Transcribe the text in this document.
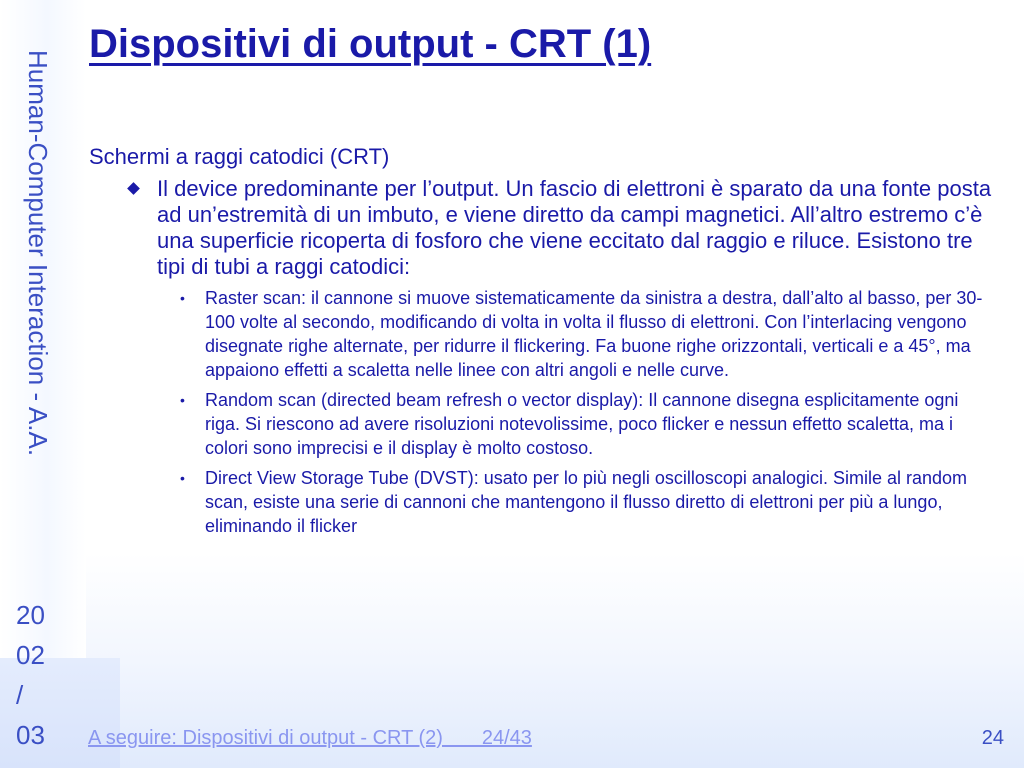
Human-Computer Interaction - A.A.
20
02
/
03
Dispositivi di output - CRT (1)
Schermi a raggi catodici (CRT)
Il device predominante per l’output. Un fascio di elettroni è sparato da una fonte posta ad un’estremità di un imbuto, e viene diretto da campi magnetici. All’altro estremo c’è una superficie ricoperta di fosforo che viene eccitato dal raggio e riluce. Esistono tre tipi di tubi a raggi catodici:
• Raster scan: il cannone si muove sistematicamente da sinistra a destra, dall’alto al basso, per 30-100 volte al secondo, modificando di volta in volta il flusso di elettroni. Con l’interlacing vengono disegnate righe alternate, per ridurre il flickering. Fa buone righe orizzontali, verticali e a 45°, ma appaiono effetti a scaletta nelle linee con altri angoli e nelle curve.
• Random scan (directed beam refresh o vector display): Il cannone disegna esplicitamente ogni riga. Si riescono ad avere risoluzioni notevolissime, poco flicker e nessun effetto scaletta, ma i colori sono imprecisi e il display è molto costoso.
• Direct View Storage Tube (DVST): usato per lo più negli oscilloscopi analogici. Simile al random scan, esiste una serie di cannoni che mantengono il flusso diretto di elettroni per più a lungo, eliminando il flicker
A seguire: Dispositivi di output - CRT (2)       24/43	24
